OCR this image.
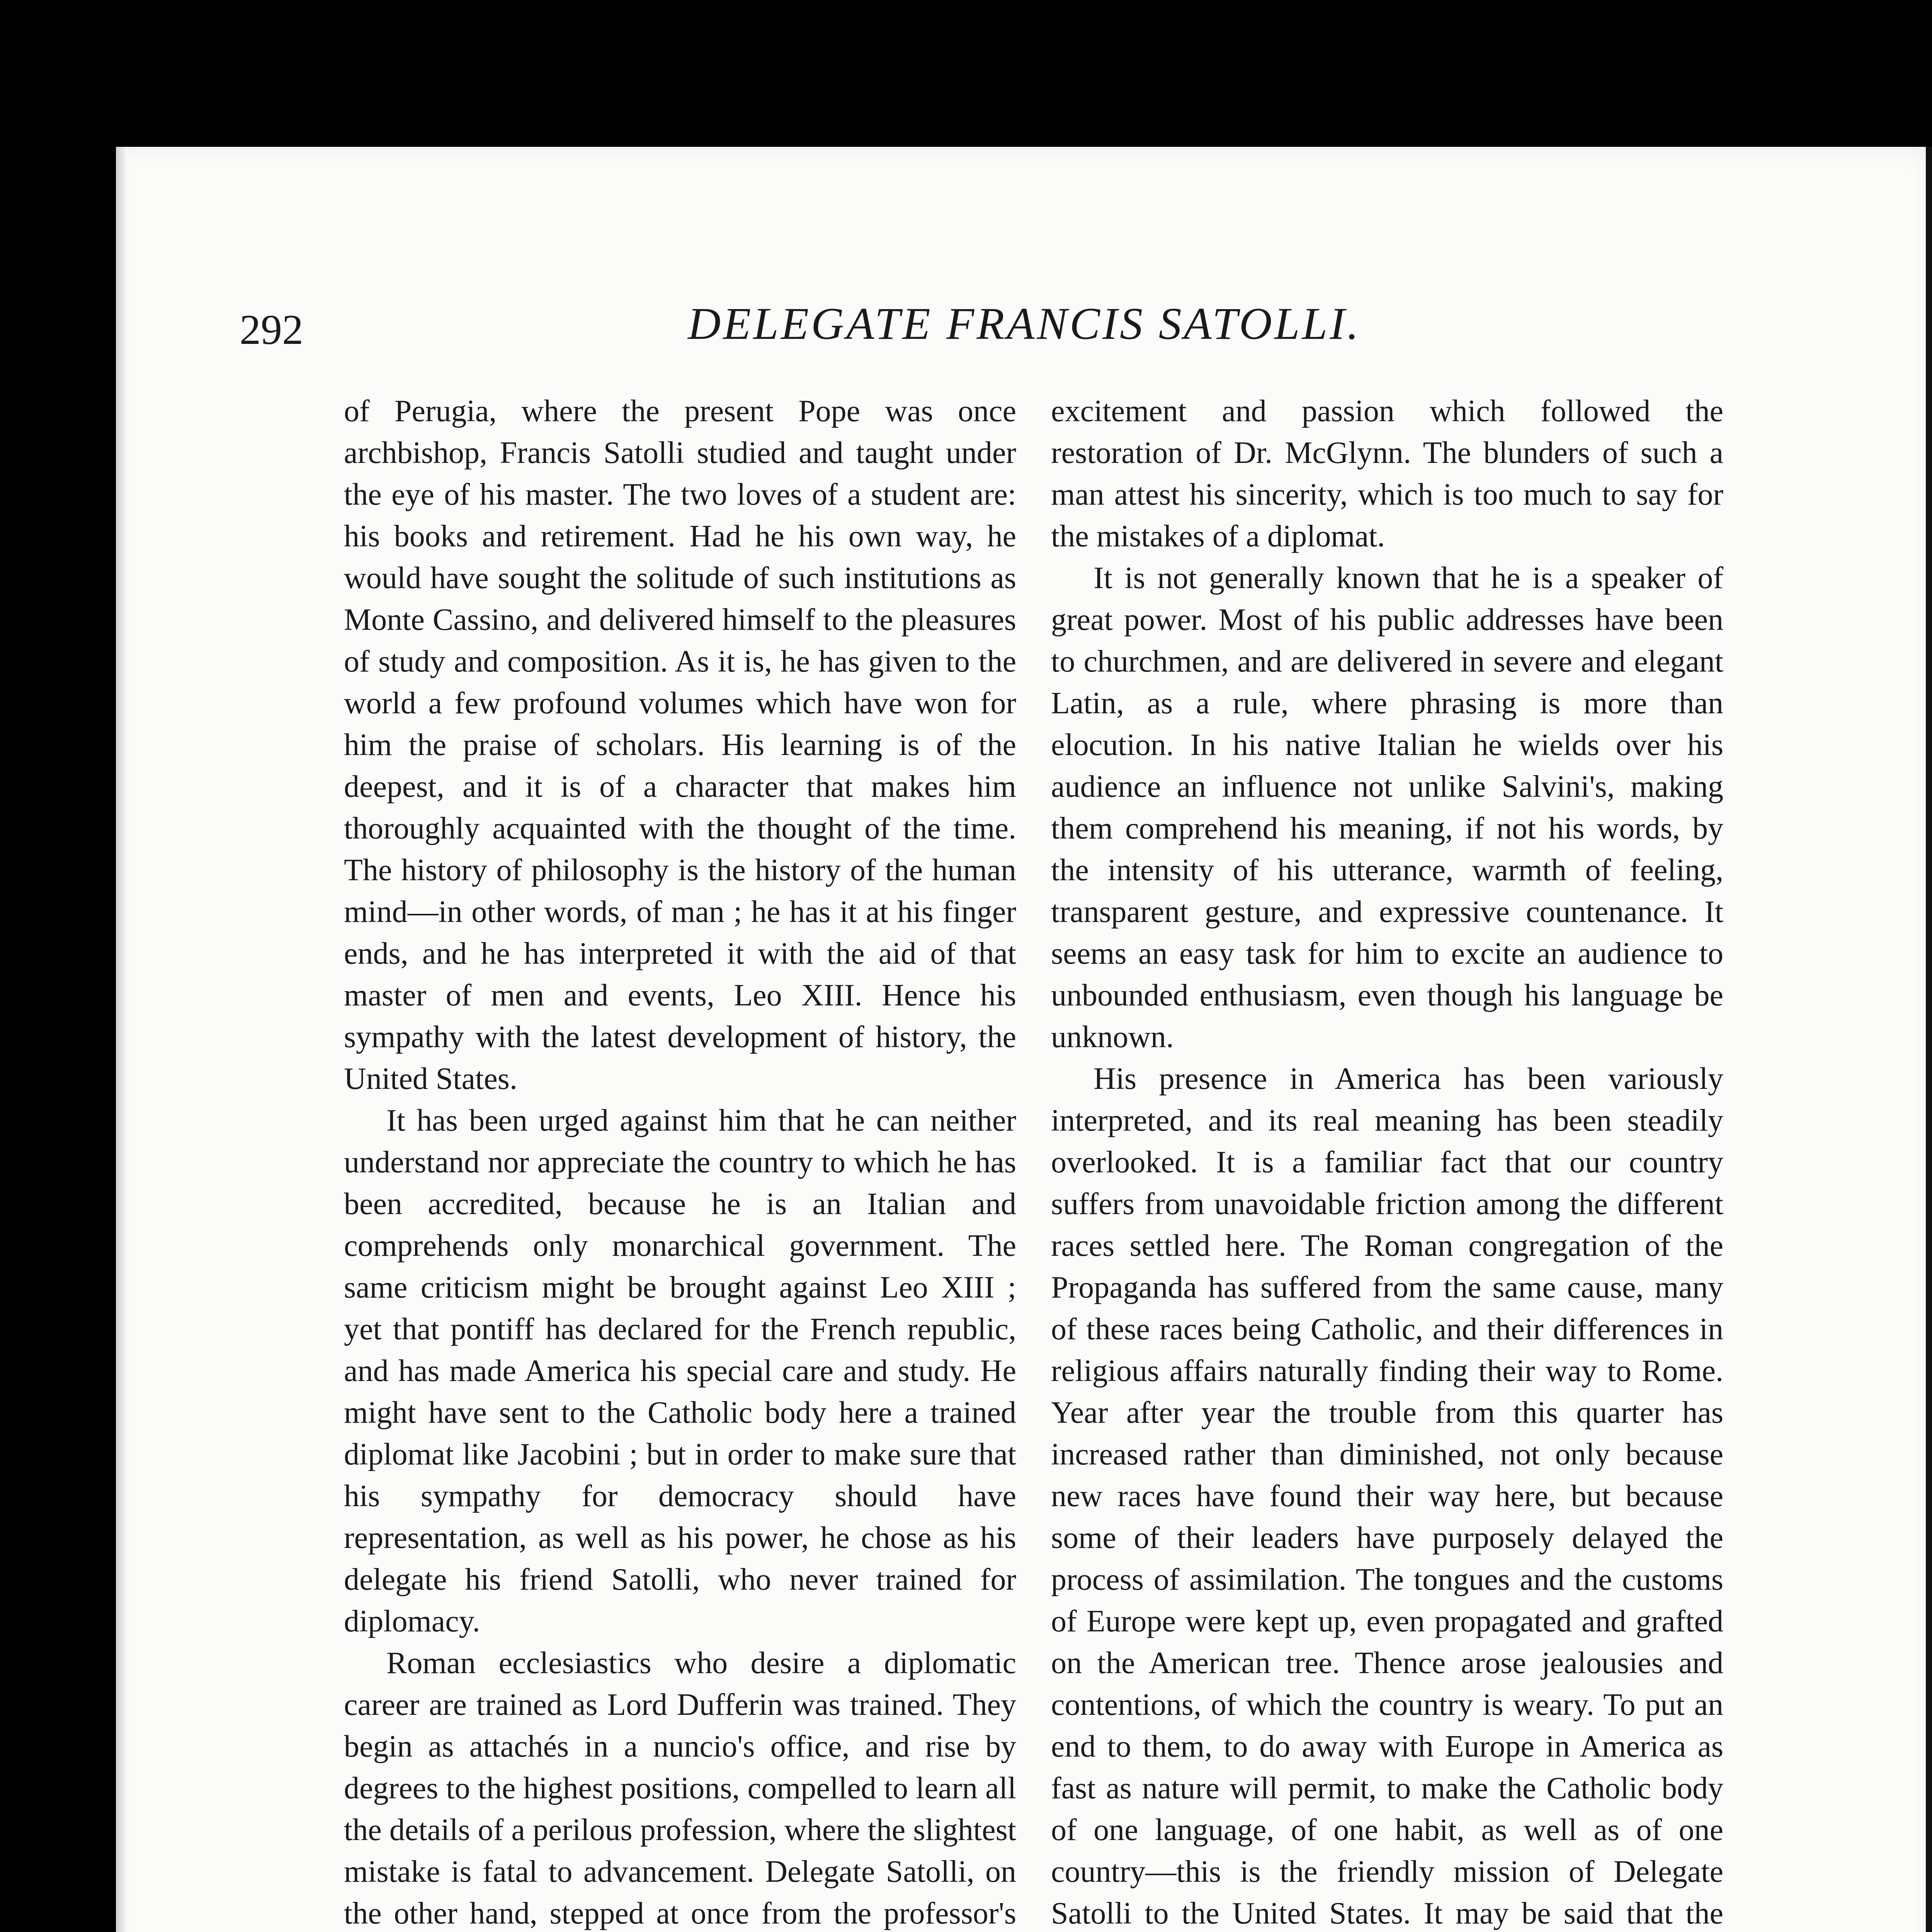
292	DELEGATE FRANCIS SATOLLI.

of Perugia, where the present Pope was once archbishop, Francis Satolli studied and taught under the eye of his master. The two loves of a student are: his books and retirement. Had he his own way, he would have sought the solitude of such institutions as Monte Cassino, and delivered himself to the pleasures of study and composition. As it is, he has given to the world a few profound volumes which have won for him the praise of scholars. His learning is of the deepest, and it is of a character that makes him thoroughly acquainted with the thought of the time. The history of philosophy is the history of the human mind—in other words, of man ; he has it at his finger ends, and he has interpreted it with the aid of that master of men and events, Leo XIII. Hence his sympathy with the latest development of history, the United States.

It has been urged against him that he can neither understand nor appreciate the country to which he has been accredited, because he is an Italian and comprehends only monarchical government. The same criticism might be brought against Leo XIII ; yet that pontiff has declared for the French republic, and has made America his special care and study. He might have sent to the Catholic body here a trained diplomat like Jacobini ; but in order to make sure that his sympathy for democracy should have representation, as well as his power, he chose as his delegate his friend Satolli, who never trained for diplomacy.

Roman ecclesiastics who desire a diplomatic career are trained as Lord Dufferin was trained. They begin as attachés in a nuncio's office, and rise by degrees to the highest positions, compelled to learn all the details of a perilous profession, where the slightest mistake is fatal to advancement. Delegate Satolli, on the other hand, stepped at once from the professor's

excitement and passion which followed the restoration of Dr. McGlynn. The blunders of such a man attest his sincerity, which is too much to say for the mistakes of a diplomat.

It is not generally known that he is a speaker of great power. Most of his public addresses have been to churchmen, and are delivered in severe and elegant Latin, as a rule, where phrasing is more than elocution. In his native Italian he wields over his audience an influence not unlike Salvini's, making them comprehend his meaning, if not his words, by the intensity of his utterance, warmth of feeling, transparent gesture, and expressive countenance. It seems an easy task for him to excite an audience to unbounded enthusiasm, even though his language be unknown.

His presence in America has been variously interpreted, and its real meaning has been steadily overlooked. It is a familiar fact that our country suffers from unavoidable friction among the different races settled here. The Roman congregation of the Propaganda has suffered from the same cause, many of these races being Catholic, and their differences in religious affairs naturally finding their way to Rome. Year after year the trouble from this quarter has increased rather than diminished, not only because new races have found their way here, but because some of their leaders have purposely delayed the process of assimilation. The tongues and the customs of Europe were kept up, even propagated and grafted on the American tree. Thence arose jealousies and contentions, of which the country is weary. To put an end to them, to do away with Europe in America as fast as nature will permit, to make the Catholic body of one language, of one habit, as well as of one country—this is the friendly mission of Delegate Satolli to the United States. It may be said that the
